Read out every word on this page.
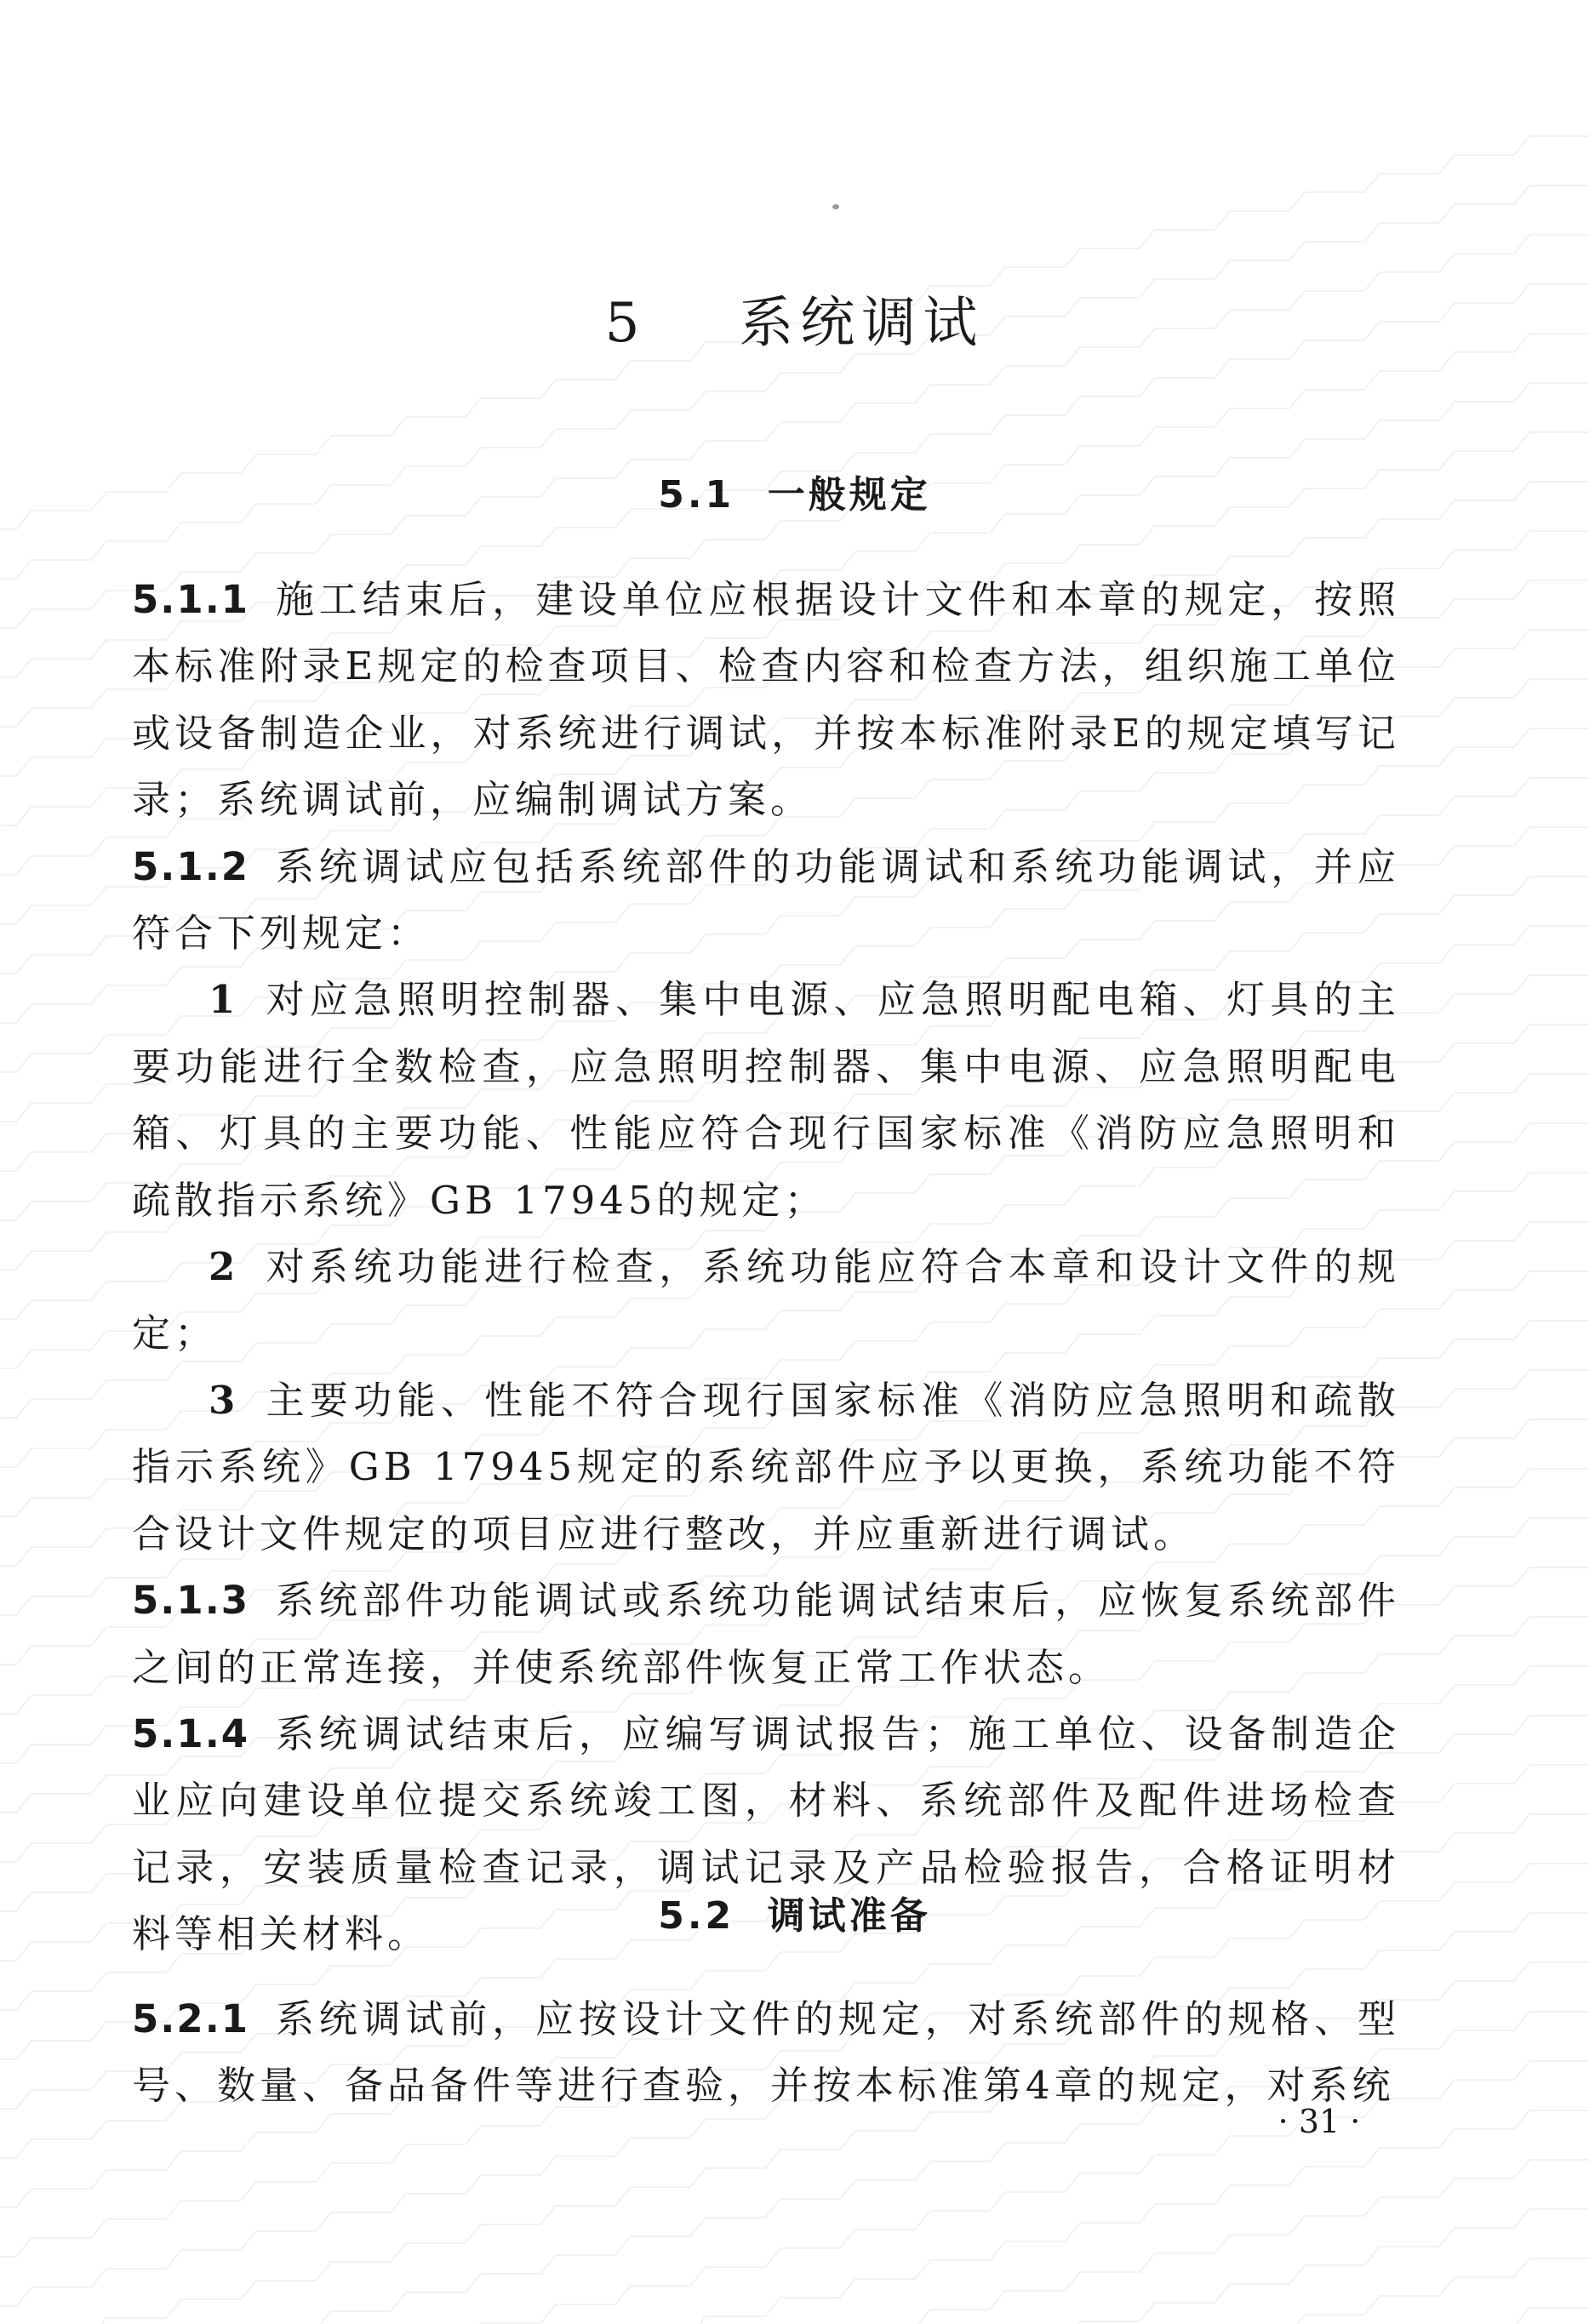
5  系统调试
5.1  一般规定

5.1.1 施工结束后，建设单位应根据设计文件和本章的规定，按照本标准附录E规定的检查项目、检查内容和检查方法，组织施工单位或设备制造企业，对系统进行调试，并按本标准附录E的规定填写记录；系统调试前，应编制调试方案。

5.1.2 系统调试应包括系统部件的功能调试和系统功能调试，并应符合下列规定：

1 对应急照明控制器、集中电源、应急照明配电箱、灯具的主要功能进行全数检查，应急照明控制器、集中电源、应急照明配电箱、灯具的主要功能、性能应符合现行国家标准《消防应急照明和疏散指示系统》GB 17945的规定；

2 对系统功能进行检查，系统功能应符合本章和设计文件的规定；

3 主要功能、性能不符合现行国家标准《消防应急照明和疏散指示系统》GB 17945规定的系统部件应予以更换，系统功能不符合设计文件规定的项目应进行整改，并应重新进行调试。

5.1.3 系统部件功能调试或系统功能调试结束后，应恢复系统部件之间的正常连接，并使系统部件恢复正常工作状态。

5.1.4 系统调试结束后，应编写调试报告；施工单位、设备制造企业应向建设单位提交系统竣工图，材料、系统部件及配件进场检查记录，安装质量检查记录，调试记录及产品检验报告，合格证明材料等相关材料。	5.2  调试准备

5.2.1 系统调试前，应按设计文件的规定，对系统部件的规格、型号、数量、备品备件等进行查验，并按本标准第4章的规定，对系统

· 31 ·
